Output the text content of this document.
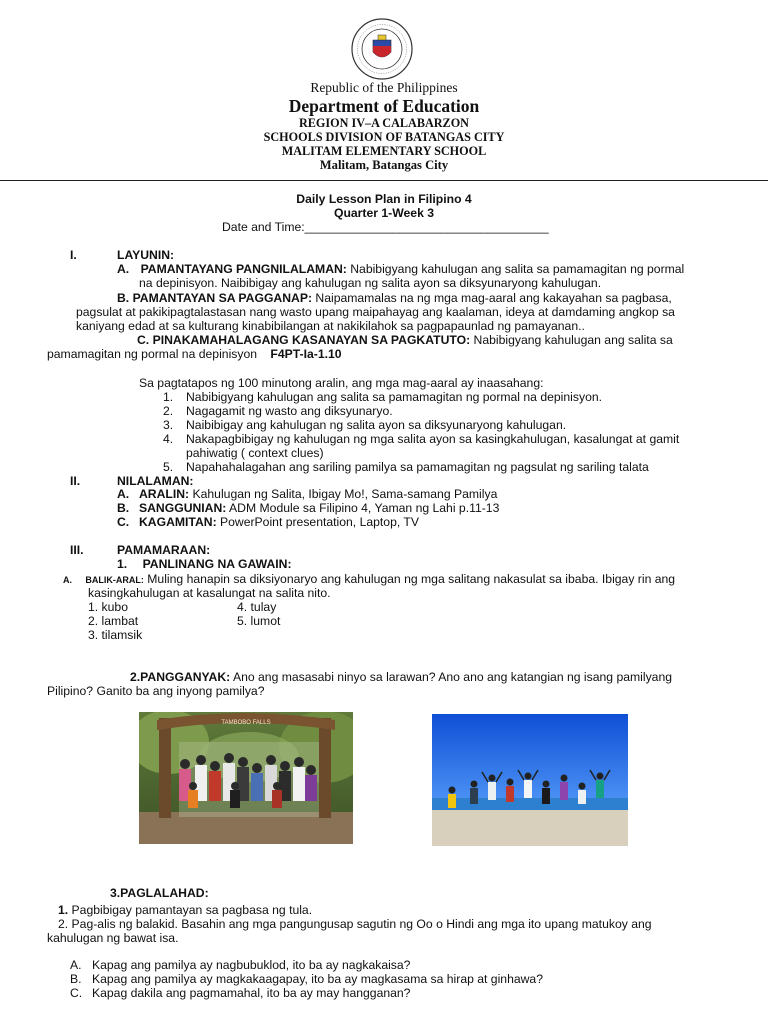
Republic of the Philippines
Department of Education
REGION IV–A CALABARZON
SCHOOLS DIVISION OF BATANGAS CITY
MALITAM ELEMENTARY SCHOOL
Malitam, Batangas City
Daily Lesson Plan in Filipino 4
Quarter 1-Week 3
Date and Time:____________________________________
I.	LAYUNIN:
A. PAMANTAYANG PANGNILALAMAN: Nabibigyang kahulugan ang salita sa pamamagitan ng pormal
na depinisyon. Naibibigay ang kahulugan ng salita ayon sa diksyunaryong kahulugan.
B. PAMANTAYAN SA PAGGANAP: Naipamamalas na ng mga mag-aaral ang kakayahan sa pagbasa,
pagsulat at pakikipagtalastasan nang wasto upang maipahayag ang kaalaman, ideya at damdaming angkop sa
kaniyang edad at sa kulturang kinabibilangan at nakikilahok sa pagpapaunlad ng pamayanan..
C. PINAKAMAHALAGANG KASANAYAN SA PAGKATUTO: Nabibigyang kahulugan ang salita sa
pamamagitan ng pormal na depinisyon F4PT-Ia-1.10
Sa pagtatapos ng 100 minutong aralin, ang mga mag-aaral ay inaasahang:
1. Nabibigyang kahulugan ang salita sa pamamagitan ng pormal na depinisyon.
2. Nagagamit ng wasto ang diksyunaryo.
3. Naibibigay ang kahulugan ng salita ayon sa diksyunaryong kahulugan.
4. Nakapagbibigay ng kahulugan ng mga salita ayon sa kasingkahulugan, kasalungat at gamit
pahiwatig ( context clues)
5. Napahahalagahan ang sariling pamilya sa pamamagitan ng pagsulat ng sariling talata
II.	NILALAMAN:
A. ARALIN: Kahulugan ng Salita, Ibigay Mo!, Sama-samang Pamilya
B. SANGGUNIAN: ADM Module sa Filipino 4, Yaman ng Lahi p.11-13
C. KAGAMITAN: PowerPoint presentation, Laptop, TV
III.	PAMAMARAAN:
1. PANLINANG NA GAWAIN:
A. BALIK-ARAL: Muling hanapin sa diksiyonaryo ang kahulugan ng mga salitang nakasulat sa ibaba. Ibigay rin ang
kasingkahulugan at kasalungat na salita nito.
1. kubo
2. lambat
3. tilamsik
4. tulay
5. lumot
2.PANGGANYAK: Ano ang masasabi ninyo sa larawan? Ano ano ang katangian ng isang pamilyang
Pilipino? Ganito ba ang inyong pamilya?
TAMBOBO FALLS
3.PAGLALAHAD:
1. Pagbibigay pamantayan sa pagbasa ng tula.
2. Pag-alis ng balakid. Basahin ang mga pangungusap sagutin ng Oo o Hindi ang mga ito upang matukoy ang
kahulugan ng bawat isa.
A. Kapag ang pamilya ay nagbubuklod, ito ba ay nagkakaisa?
B. Kapag ang pamilya ay magkakaagapay, ito ba ay magkasama sa hirap at ginhawa?
C. Kapag dakila ang pagmamahal, ito ba ay may hangganan?
